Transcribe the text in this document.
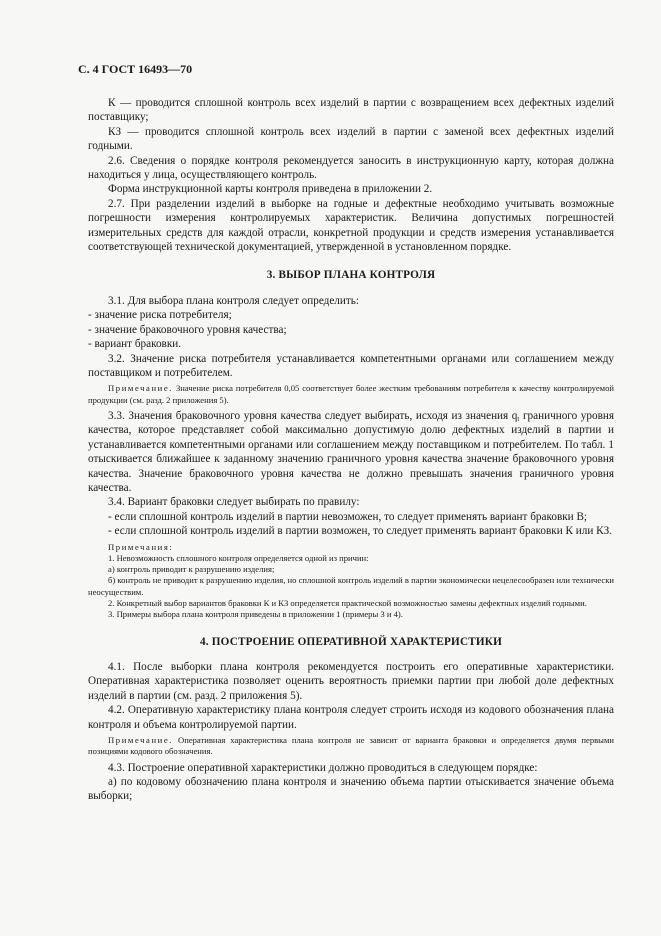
С. 4 ГОСТ 16493—70

К — проводится сплошной контроль всех изделий в партии с возвращением всех дефектных изделий поставщику;

КЗ — проводится сплошной контроль всех изделий в партии с заменой всех дефектных изделий годными.

2.6. Сведения о порядке контроля рекомендуется заносить в инструкционную карту, которая должна находиться у лица, осуществляющего контроль.

Форма инструкционной карты контроля приведена в приложении 2.

2.7. При разделении изделий в выборке на годные и дефектные необходимо учитывать возможные погрешности измерения контролируемых характеристик. Величина допустимых погрешностей измерительных средств для каждой отрасли, конкретной продукции и средств измерения устанавливается соответствующей технической документацией, утвержденной в установленном порядке.

3. ВЫБОР ПЛАНА КОНТРОЛЯ

3.1. Для выбора плана контроля следует определить:

- значение риска потребителя;

- значение браковочного уровня качества;

- вариант браковки.

3.2. Значение риска потребителя устанавливается компетентными органами или соглашением между поставщиком и потребителем.

Примечание. Значение риска потребителя 0,05 соответствует более жестким требованиям потребителя к качеству контролируемой продукции (см. разд. 2 приложения 5).

3.3. Значения браковочного уровня качества следует выбирать, исходя из значения $q_t$ граничного уровня качества, которое представляет собой максимально допустимую долю дефектных изделий в партии и устанавливается компетентными органами или соглашением между поставщиком и потребителем. По табл. 1 отыскивается ближайшее к заданному значению граничного уровня качества значение браковочного уровня качества. Значение браковочного уровня качества не должно превышать значения граничного уровня качества.

3.4. Вариант браковки следует выбирать по правилу:

- если сплошной контроль изделий в партии невозможен, то следует применять вариант браковки В;

- если сплошной контроль изделий в партии возможен, то следует применять вариант браковки К или КЗ.

Примечания:

1. Невозможность сплошного контроля определяется одной из причин:

а) контроль приводит к разрушению изделия;

б) контроль не приводит к разрушению изделия, но сплошной контроль изделий в партии экономически нецелесообразен или технически неосуществим.

2. Конкретный выбор вариантов браковки К и КЗ определяется практической возможностью замены дефектных изделий годными.

3. Примеры выбора плана контроля приведены в приложении 1 (примеры 3 и 4).

4. ПОСТРОЕНИЕ ОПЕРАТИВНОЙ ХАРАКТЕРИСТИКИ

4.1. После выборки плана контроля рекомендуется построить его оперативные характеристики. Оперативная характеристика позволяет оценить вероятность приемки партии при любой доле дефектных изделий в партии (см. разд. 2 приложения 5).

4.2. Оперативную характеристику плана контроля следует строить исходя из кодового обозначения плана контроля и объема контролируемой партии.

Примечание. Оперативная характеристика плана контроля не зависит от варианта браковки и определяется двумя первыми позициями кодового обозначения.

4.3. Построение оперативной характеристики должно проводиться в следующем порядке:

а) по кодовому обозначению плана контроля и значению объема партии отыскивается значение объема выборки;
